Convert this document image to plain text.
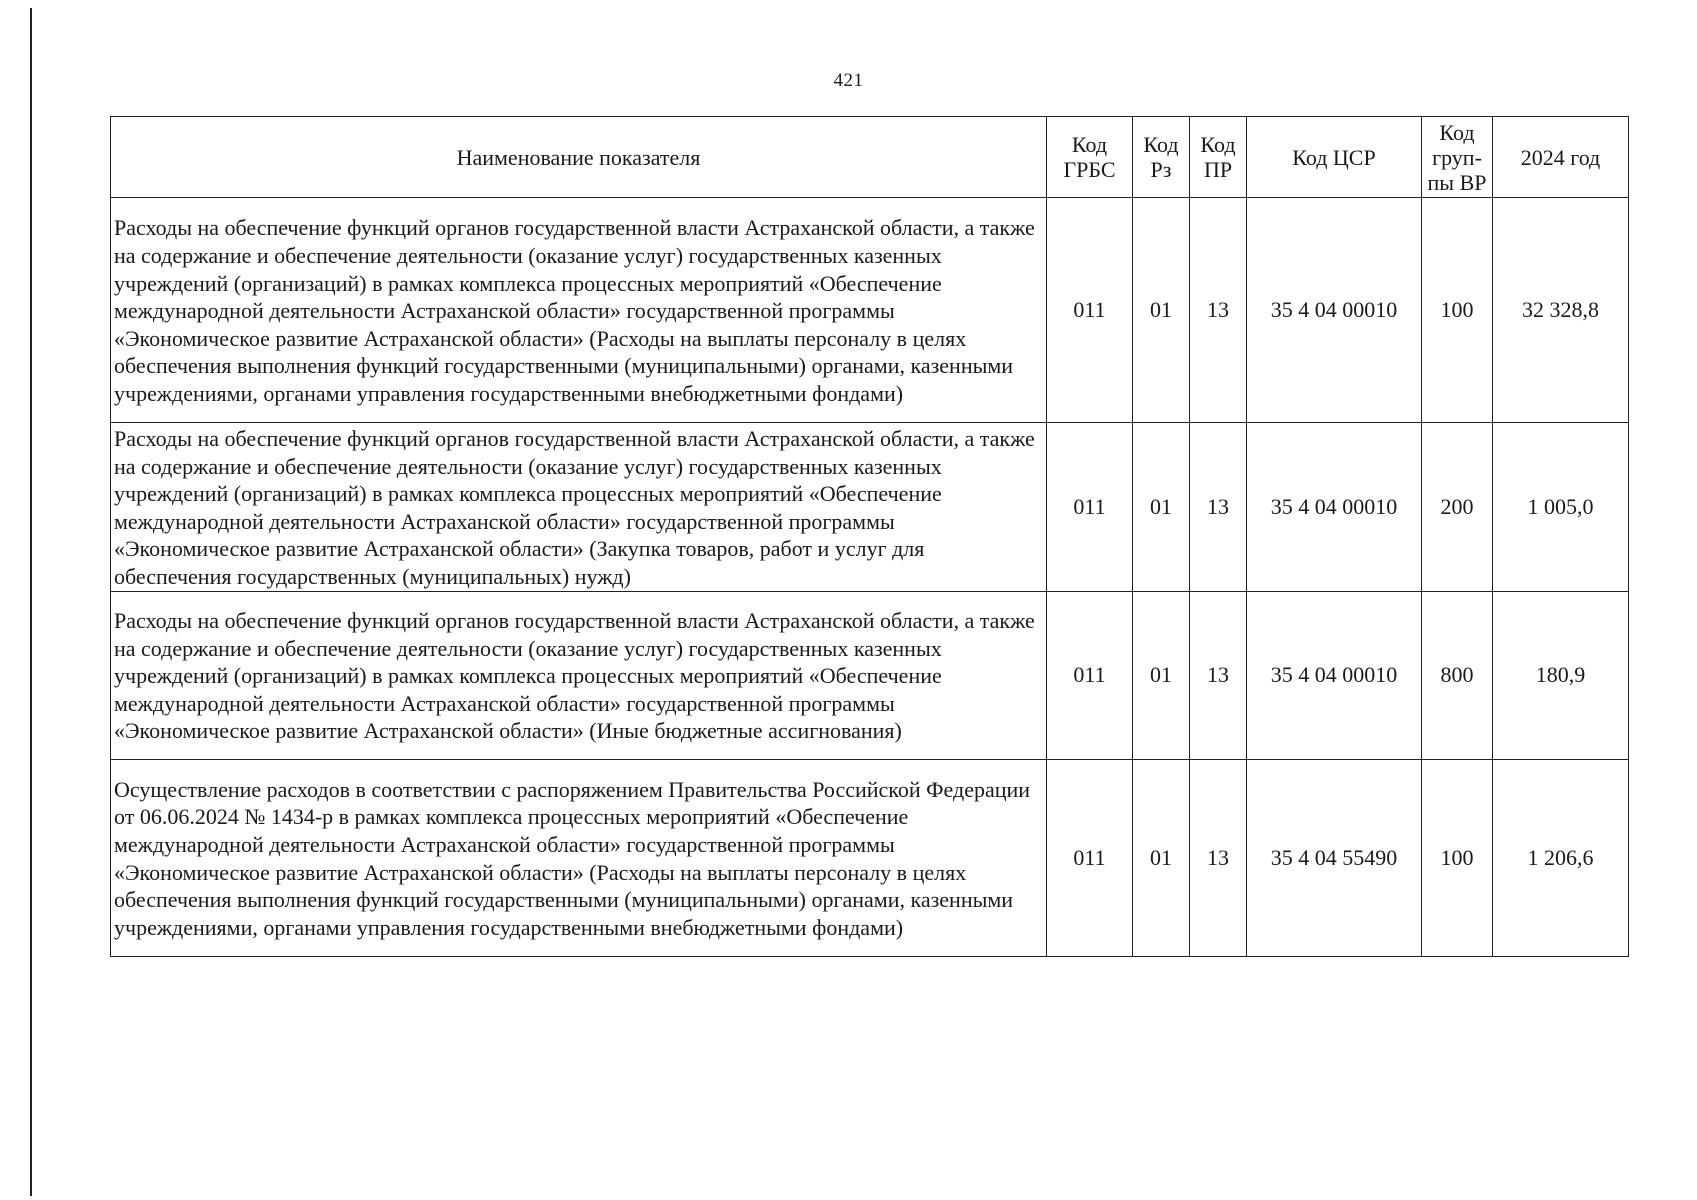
421
Наименование показателя	Код ГРБС	Код Рз	Код ПР	Код ЦСР	Код груп-пы ВР	2024 год
Расходы на обеспечение функций органов государственной власти Астраханской области, а также на содержание и обеспечение деятельности (оказание услуг) государственных казенных учреждений (организаций) в рамках комплекса процессных мероприятий «Обеспечение международной деятельности Астраханской области» государственной программы «Экономическое развитие Астраханской области» (Расходы на выплаты персоналу в целях обеспечения выполнения функций государственными (муниципальными) органами, казенными учреждениями, органами управления государственными внебюджетными фондами)	011	01	13	35 4 04 00010	100	32 328,8
Расходы на обеспечение функций органов государственной власти Астраханской области, а также на содержание и обеспечение деятельности (оказание услуг) государственных казенных учреждений (организаций) в рамках комплекса процессных мероприятий «Обеспечение международной деятельности Астраханской области» государственной программы «Экономическое развитие Астраханской области» (Закупка товаров, работ и услуг для обеспечения государственных (муниципальных) нужд)	011	01	13	35 4 04 00010	200	1 005,0
Расходы на обеспечение функций органов государственной власти Астраханской области, а также на содержание и обеспечение деятельности (оказание услуг) государственных казенных учреждений (организаций) в рамках комплекса процессных мероприятий «Обеспечение международной деятельности Астраханской области» государственной программы «Экономическое развитие Астраханской области» (Иные бюджетные ассигнования)	011	01	13	35 4 04 00010	800	180,9
Осуществление расходов в соответствии с распоряжением Правительства Российской Федерации от 06.06.2024 № 1434-р в рамках комплекса процессных мероприятий «Обеспечение международной деятельности Астраханской области» государственной программы «Экономическое развитие Астраханской области» (Расходы на выплаты персоналу в целях обеспечения выполнения функций государственными (муниципальными) органами, казенными учреждениями, органами управления государственными внебюджетными фондами)	011	01	13	35 4 04 55490	100	1 206,6
